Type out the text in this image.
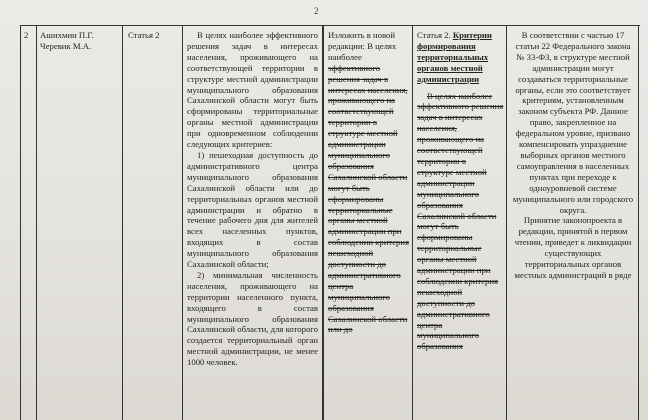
2
2	Ашихмин П.Г. Черевик М.А.
Статья 2	В целях наиболее эффективного решения задач в интересах населения, проживающего на соответствующей территории в структуре местной администрации муниципального образования Сахалинской области могут быть сформированы территориальные органы местной администрации при одновременном соблюдении следующих критериев:

1) пешеходная доступность до административного центра муниципального образования Сахалинской области или до территориальных органов местной администрации и обратно в течение рабочего дня для жителей всех населенных пунктов, входящих в состав муниципального образования Сахалинской области;

2) минимальная численность населения, проживающего на территории населенного пункта, входящего в состав муниципального образования Сахалинской области, для которого создается территориальный орган местной администрации, не менее 1000 человек.

Изложить в новой редакции: В целях наиболее эффективного решения задач в интересах населения, проживающего на соответствующей территории в структуре местной администрации муниципального образования Сахалинской области могут быть сформированы территориальные органы местной администрации при соблюдении критерия пешеходной доступности до административного центра муниципального образования Сахалинской области или до

Статья 2. Критерии формирования территориальных органов местной администрации

В целях наиболее эффективного решения задач в интересах населения, проживающего на соответствующей территории в структуре местной администрации муниципального образования Сахалинской области могут быть сформированы территориальные органы местной администрации при соблюдении критерия пешеходной доступности до административного центра муниципального образования

В соответствии с частью 17 статьи 22 Федерального закона № 33-ФЗ, в структуре местной администрации могут создаваться территориальные органы, если это соответствует критериям, установленным законом субъекта РФ. Данное право, закрепленное на федеральном уровне, призвано компенсировать упразднение выборных органов местного самоуправления в населенных пунктах при переходе к одноуровневой системе муниципального или городского округа.

Принятие законопроекта в редакции, принятой в первом чтении, приведет к ликвидации существующих территориальных органов местных администраций в ряде
